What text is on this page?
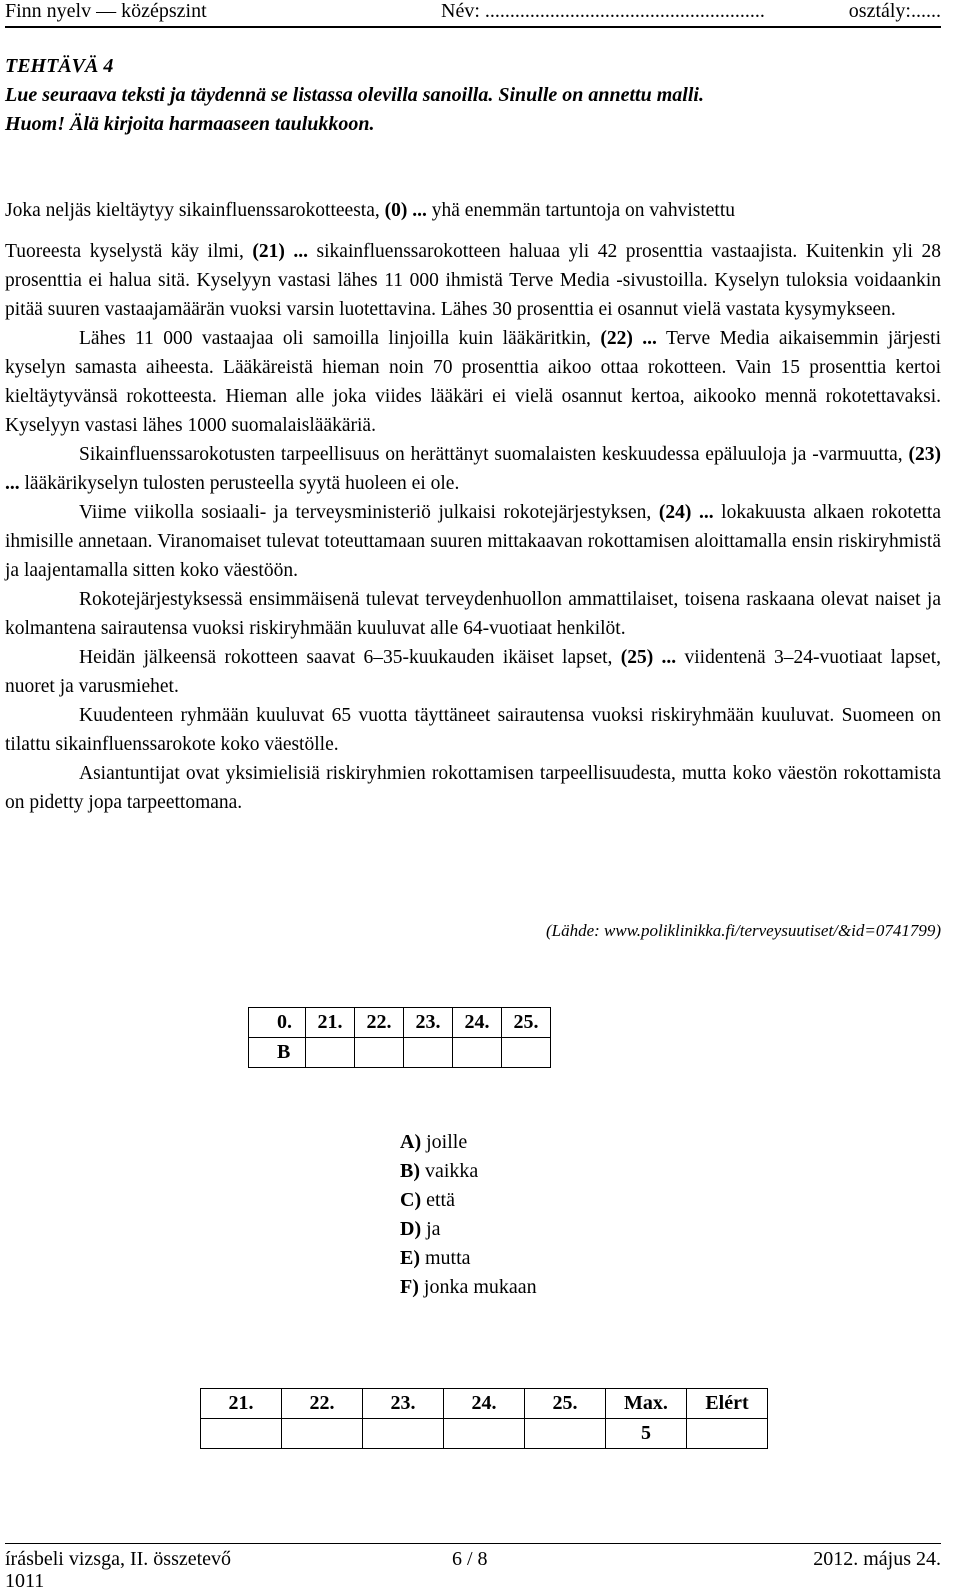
Finn nyelv — középszint	Név: ........................................................	osztály:......
TEHTÄVÄ 4
Lue seuraava teksti ja täydennä se listassa olevilla sanoilla. Sinulle on annettu malli.
Huom! Älä kirjoita harmaaseen taulukkoon.

Joka neljäs kieltäytyy sikainfluenssarokotteesta, (0) ... yhä enemmän tartuntoja on vahvistettu

Tuoreesta kyselystä käy ilmi, (21) ... sikainfluenssarokotteen haluaa yli 42 prosenttia vastaajista. Kuitenkin yli 28 prosenttia ei halua sitä. Kyselyyn vastasi lähes 11 000 ihmistä Terve Media -sivustoilla. Kyselyn tuloksia voidaankin pitää suuren vastaajamäärän vuoksi varsin luotettavina. Lähes 30 prosenttia ei osannut vielä vastata kysymykseen.

Lähes 11 000 vastaajaa oli samoilla linjoilla kuin lääkäritkin, (22) ... Terve Media aikaisemmin järjesti kyselyn samasta aiheesta. Lääkäreistä hieman noin 70 prosenttia aikoo ottaa rokotteen. Vain 15 prosenttia kertoi kieltäytyvänsä rokotteesta. Hieman alle joka viides lääkäri ei vielä osannut kertoa, aikooko mennä rokotettavaksi. Kyselyyn vastasi lähes 1000 suomalaislääkäriä.

Sikainfluenssarokotusten tarpeellisuus on herättänyt suomalaisten keskuudessa epäluuloja ja -varmuutta, (23) ... lääkärikyselyn tulosten perusteella syytä huoleen ei ole.

Viime viikolla sosiaali- ja terveysministeriö julkaisi rokotejärjestyksen, (24) ... lokakuusta alkaen rokotetta ihmisille annetaan. Viranomaiset tulevat toteuttamaan suuren mittakaavan rokottamisen aloittamalla ensin riskiryhmistä ja laajentamalla sitten koko väestöön.

Rokotejärjestyksessä ensimmäisenä tulevat terveydenhuollon ammattilaiset, toisena raskaana olevat naiset ja kolmantena sairautensa vuoksi riskiryhmään kuuluvat alle 64-vuotiaat henkilöt.

Heidän jälkeensä rokotteen saavat 6–35-kuukauden ikäiset lapset, (25) ... viidentenä 3–24-vuotiaat lapset, nuoret ja varusmiehet.

Kuudenteen ryhmään kuuluvat 65 vuotta täyttäneet sairautensa vuoksi riskiryhmään kuuluvat. Suomeen on tilattu sikainfluenssarokote koko väestölle.

Asiantuntijat ovat yksimielisiä riskiryhmien rokottamisen tarpeellisuudesta, mutta koko väestön rokottamista on pidetty jopa tarpeettomana.

(Lähde: www.poliklinikka.fi/terveysuutiset/&id=0741799)
0.	21.	22.	23.	24.	25.
B					
A) joille
B) vaikka
C) että
D) ja
E) mutta
F) jonka mukaan
21.	22.	23.	24.	25.	Max.	Elért
					5	
írásbeli vizsga, II. összetevő	6 / 8	2012. május 24.
1011
